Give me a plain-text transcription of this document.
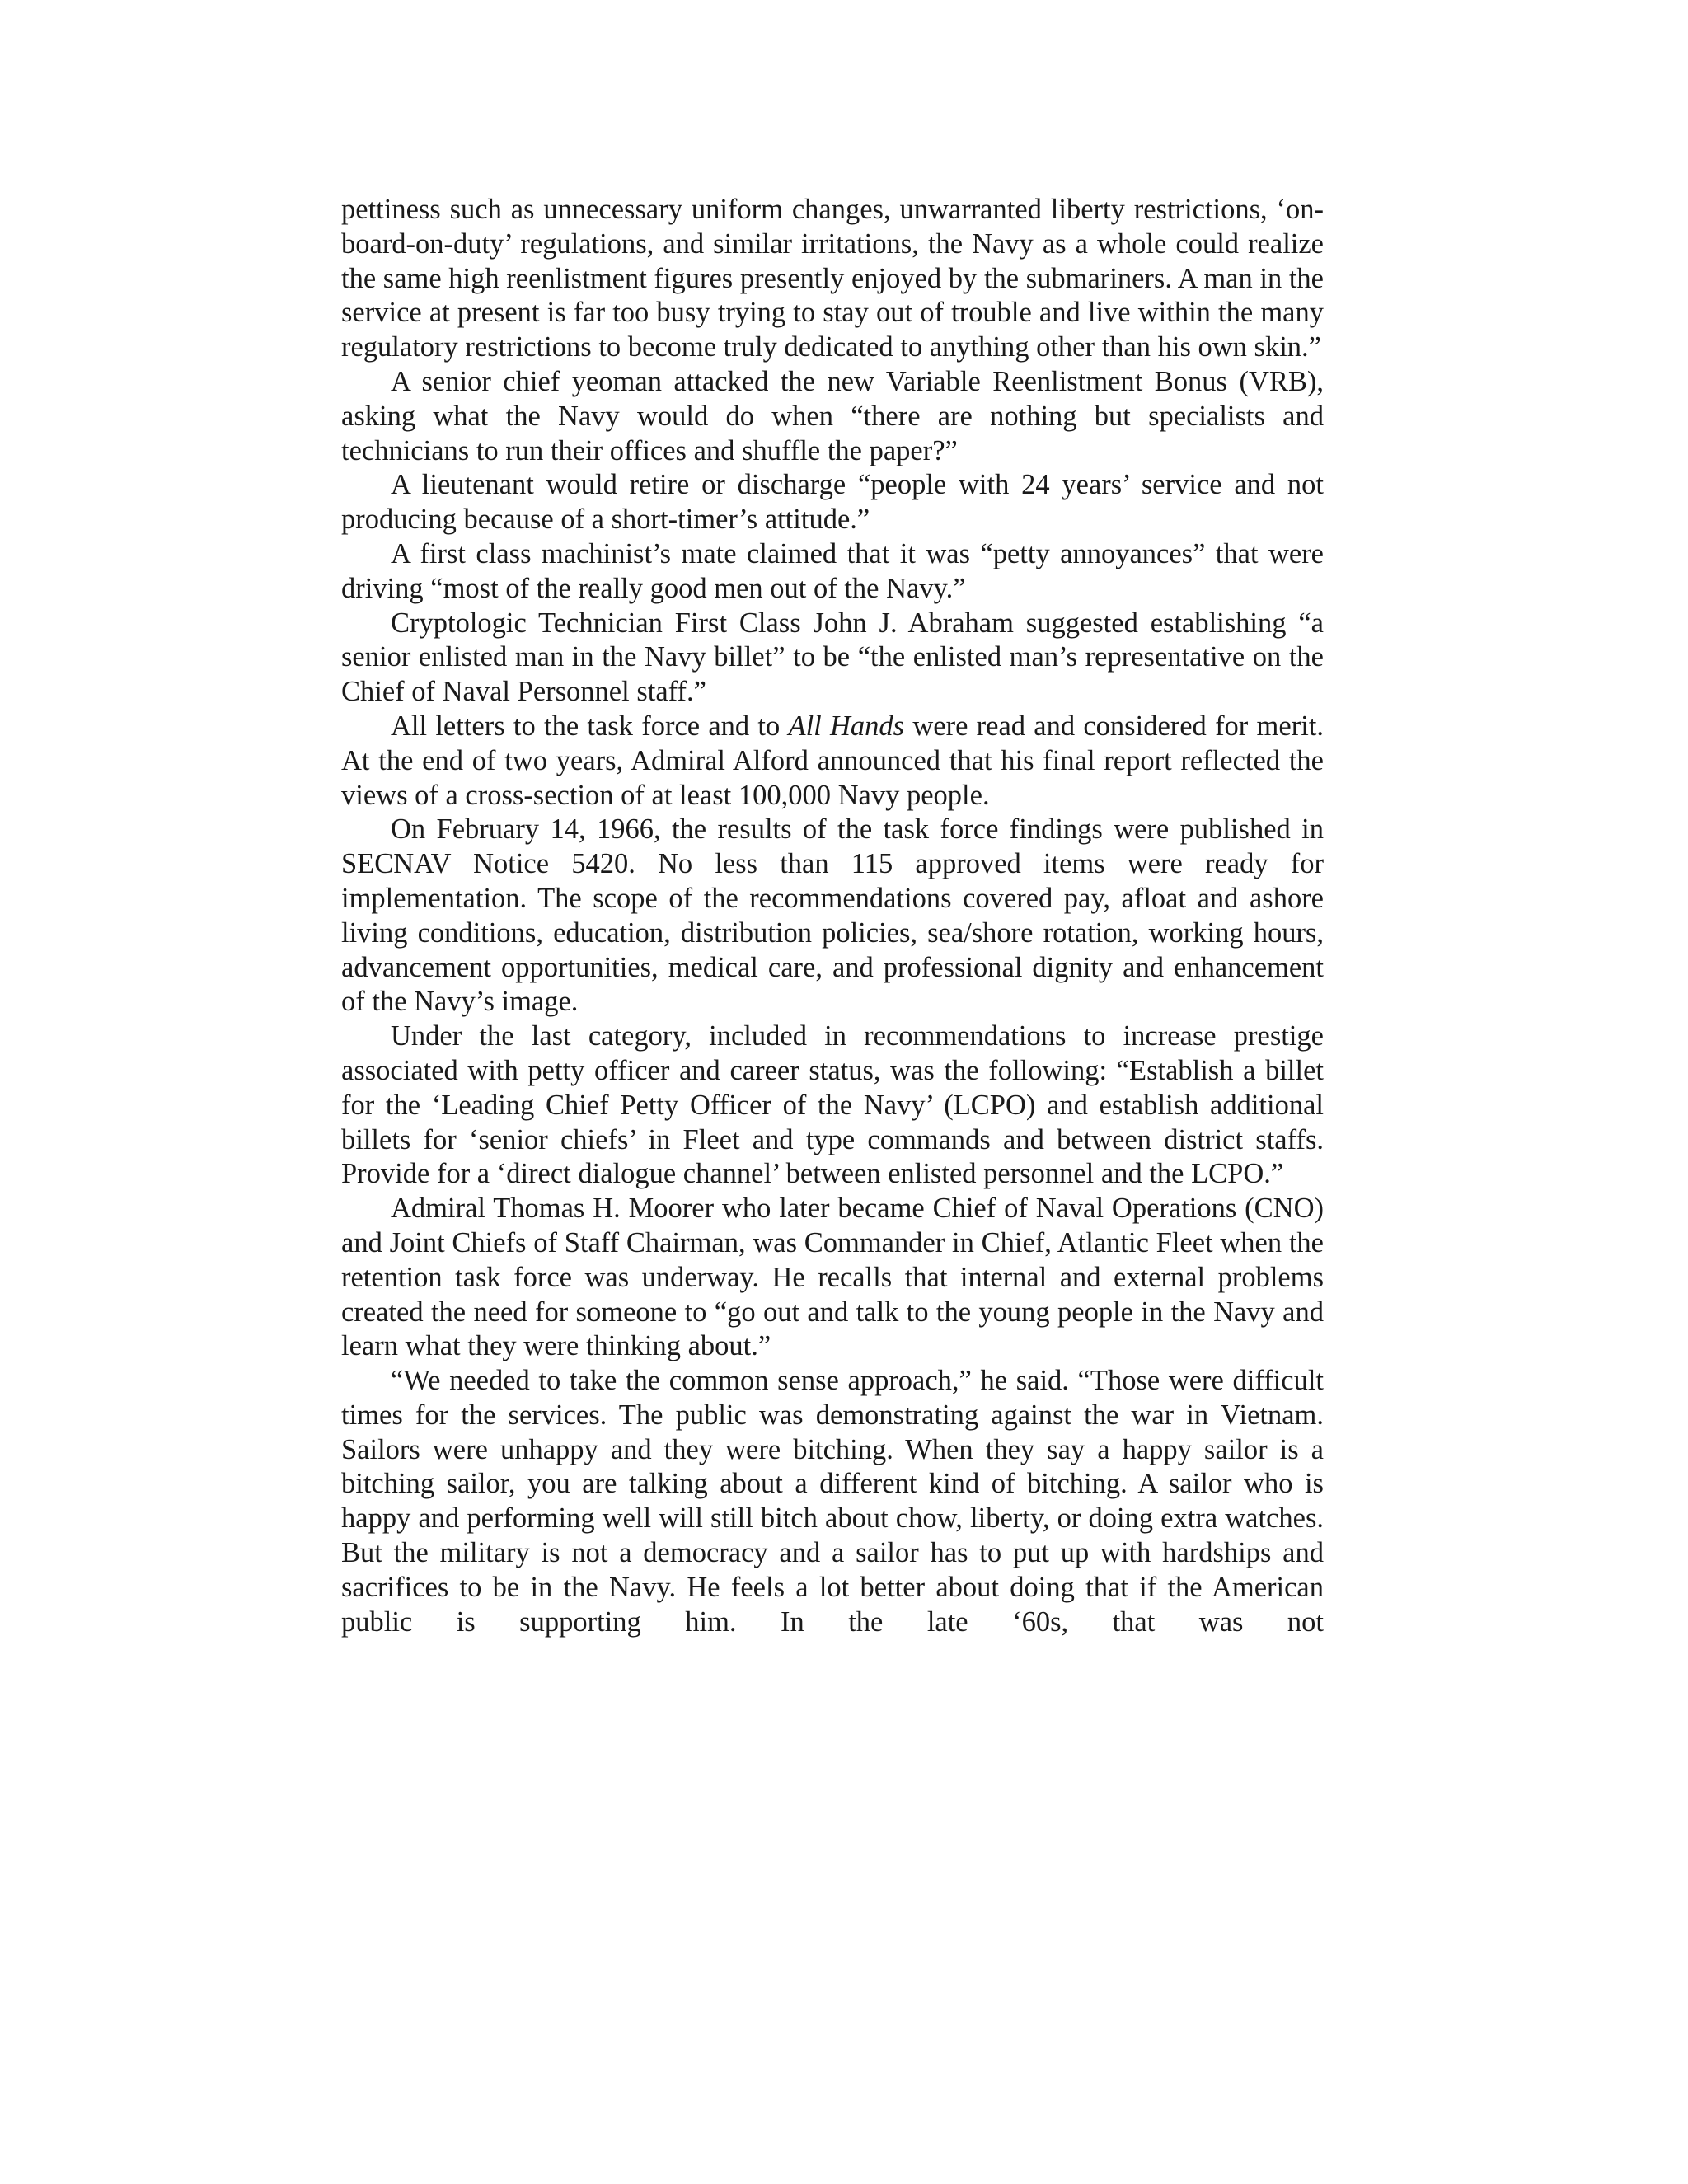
pettiness such as unnecessary uniform changes, unwarranted liberty restrictions, ‘on-board-on-duty’ regulations, and similar irritations, the Navy as a whole could realize the same high reenlistment figures presently enjoyed by the submariners. A man in the service at present is far too busy trying to stay out of trouble and live within the many regulatory restrictions to become truly dedicated to anything other than his own skin.”

A senior chief yeoman attacked the new Variable Reenlistment Bonus (VRB), asking what the Navy would do when “there are nothing but specialists and technicians to run their offices and shuffle the paper?”

A lieutenant would retire or discharge “people with 24 years’ service and not producing because of a short-timer’s attitude.”

A first class machinist’s mate claimed that it was “petty annoyances” that were driving “most of the really good men out of the Navy.”

Cryptologic Technician First Class John J. Abraham suggested establishing “a senior enlisted man in the Navy billet” to be “the enlisted man’s representative on the Chief of Naval Personnel staff.”

All letters to the task force and to All Hands were read and considered for merit. At the end of two years, Admiral Alford announced that his final report reflected the views of a cross-section of at least 100,000 Navy people.

On February 14, 1966, the results of the task force findings were published in SECNAV Notice 5420. No less than 115 approved items were ready for implementation. The scope of the recommendations covered pay, afloat and ashore living conditions, education, distribution policies, sea/shore rotation, working hours, advancement opportunities, medical care, and professional dignity and enhancement of the Navy’s image.

Under the last category, included in recommendations to increase prestige associated with petty officer and career status, was the following: “Establish a billet for the ‘Leading Chief Petty Officer of the Navy’ (LCPO) and establish additional billets for ‘senior chiefs’ in Fleet and type commands and between district staffs. Provide for a ‘direct dialogue channel’ between enlisted personnel and the LCPO.”

Admiral Thomas H. Moorer who later became Chief of Naval Operations (CNO) and Joint Chiefs of Staff Chairman, was Commander in Chief, Atlantic Fleet when the retention task force was underway. He recalls that internal and external problems created the need for someone to “go out and talk to the young people in the Navy and learn what they were thinking about.”

“We needed to take the common sense approach,” he said. “Those were difficult times for the services. The public was demonstrating against the war in Vietnam. Sailors were unhappy and they were bitching. When they say a happy sailor is a bitching sailor, you are talking about a different kind of bitching. A sailor who is happy and performing well will still bitch about chow, liberty, or doing extra watches. But the military is not a democracy and a sailor has to put up with hardships and sacrifices to be in the Navy. He feels a lot better about doing that if the American public is supporting him. In the late ‘60s, that was not
